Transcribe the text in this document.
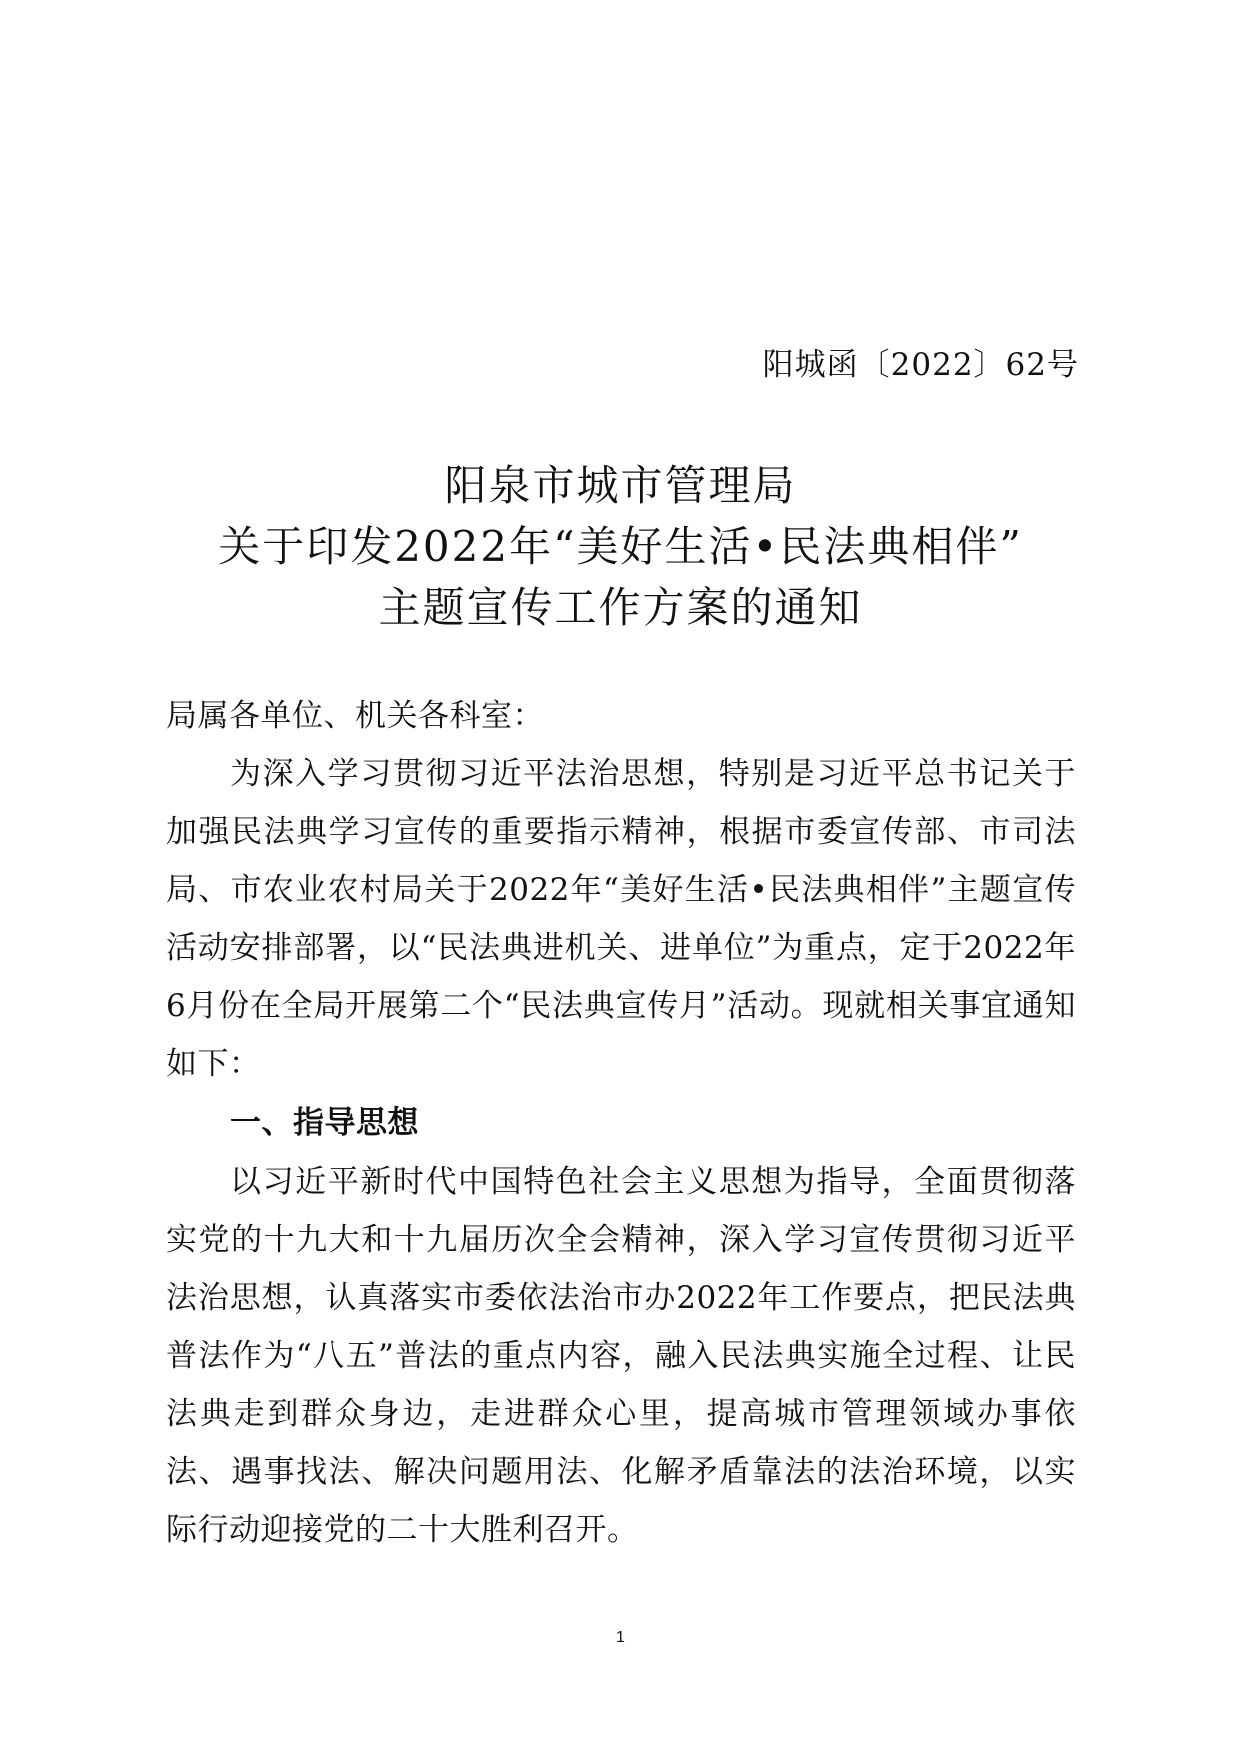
阳城函〔2022〕62号
阳泉市城市管理局
关于印发2022年“美好生活•民法典相伴”
主题宣传工作方案的通知

局属各单位、机关各科室：

为深入学习贯彻习近平法治思想，特别是习近平总书记关于加强民法典学习宣传的重要指示精神，根据市委宣传部、市司法局、市农业农村局关于2022年“美好生活•民法典相伴”主题宣传活动安排部署，以“民法典进机关、进单位”为重点，定于2022年6月份在全局开展第二个“民法典宣传月”活动。现就相关事宜通知如下：

一、指导思想

以习近平新时代中国特色社会主义思想为指导，全面贯彻落实党的十九大和十九届历次全会精神，深入学习宣传贯彻习近平法治思想，认真落实市委依法治市办2022年工作要点，把民法典普法作为“八五”普法的重点内容，融入民法典实施全过程、让民法典走到群众身边，走进群众心里，提高城市管理领域办事依法、遇事找法、解决问题用法、化解矛盾靠法的法治环境，以实际行动迎接党的二十大胜利召开。

1
